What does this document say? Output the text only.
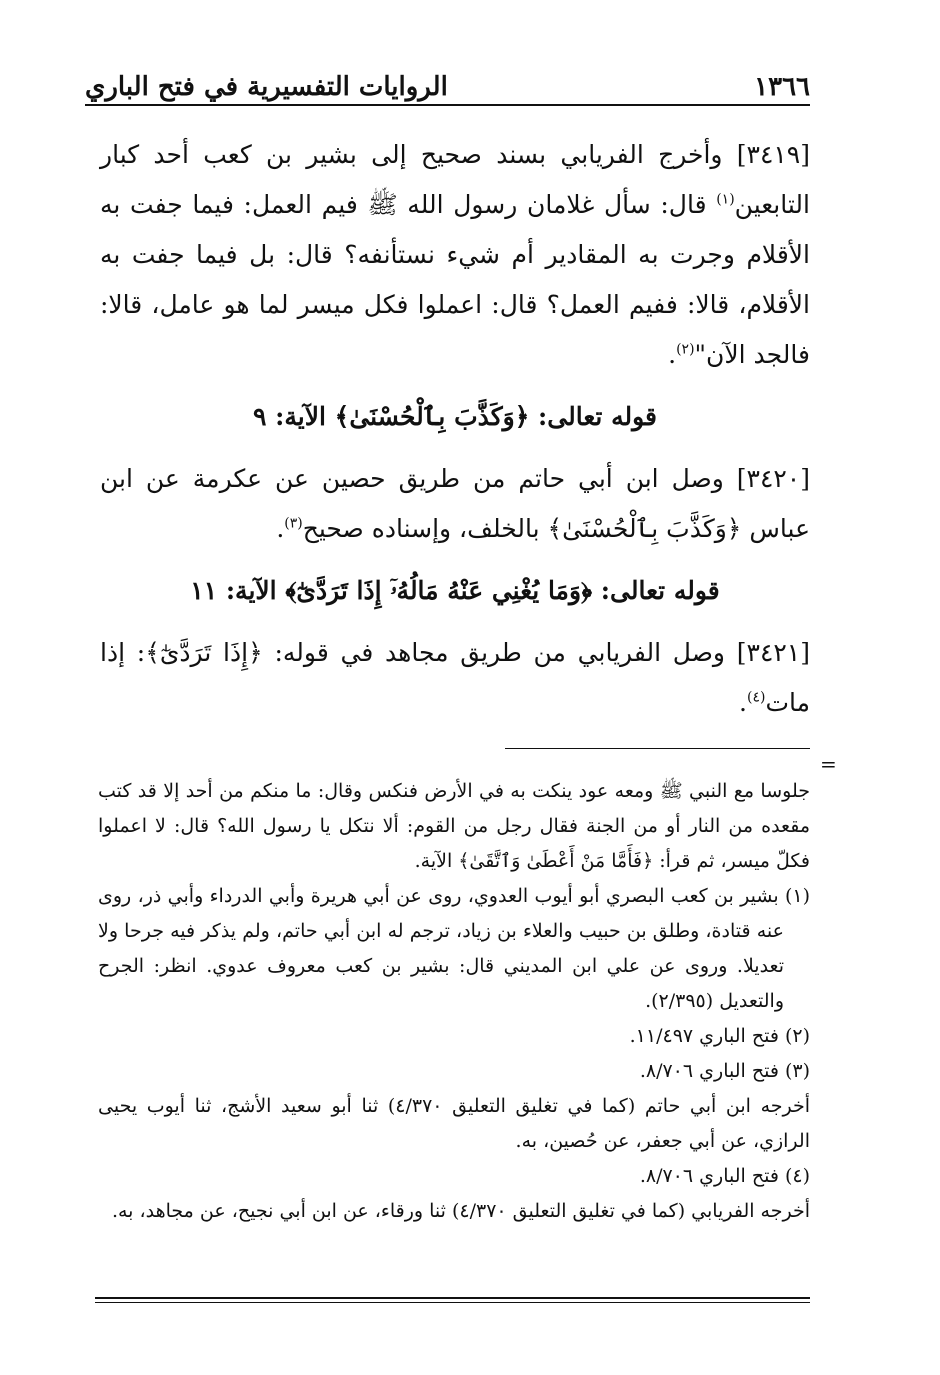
١٣٦٦
الروايات التفسيرية في فتح الباري

[٣٤١٩] وأخرج الفريابي بسند صحيح إلى بشير بن كعب أحد كبار التابعين$^{(١)}$ قال: سأل غلامان رسول الله ﷺ فيم العمل: فيما جفت به الأقلام وجرت به المقادير أم شيء نستأنفه؟ قال: بل فيما جفت به الأقلام، قالا: ففيم العمل؟ قال: اعملوا فكل ميسر لما هو عامل، قالا: فالجد الآن"$^{(٢)}$.

قوله تعالى: ﴿وَكَذَّبَ بِٱلْحُسْنَىٰ﴾ الآية: ٩

[٣٤٢٠] وصل ابن أبي حاتم من طريق حصين عن عكرمة عن ابن عباس ﴿وَكَذَّبَ بِٱلْحُسْنَىٰ﴾ بالخلف، وإسناده صحيح$^{(٣)}$.

قوله تعالى: ﴿وَمَا يُغْنِي عَنْهُ مَالُهُۥٓ إِذَا تَرَدَّىٰٓ﴾ الآية: ١١

[٣٤٢١] وصل الفريابي من طريق مجاهد في قوله: ﴿إِذَا تَرَدَّىٰٓ﴾: إذا مات$^{(٤)}$.

=

جلوسا مع النبي ﷺ ومعه عود ينكت به في الأرض فنكس وقال: ما منكم من أحد إلا قد كتب مقعده من النار أو من الجنة فقال رجل من القوم: ألا نتكل يا رسول الله؟ قال: لا اعملوا فكلّ ميسر، ثم قرأ: ﴿فَأَمَّا مَنْ أَعْطَىٰ وَٱتَّقَىٰ﴾ الآية.

(١) بشير بن كعب البصري أبو أيوب العدوي، روى عن أبي هريرة وأبي الدرداء وأبي ذر، روى عنه قتادة، وطلق بن حبيب والعلاء بن زياد، ترجم له ابن أبي حاتم، ولم يذكر فيه جرحا ولا تعديلا. وروى عن علي ابن المديني قال: بشير بن كعب معروف عدوي. انظر: الجرح والتعديل (٢/٣٩٥).

(٢) فتح الباري ١١/٤٩٧.

(٣) فتح الباري ٨/٧٠٦.

أخرجه ابن أبي حاتم (كما في تغليق التعليق ٤/٣٧٠) ثنا أبو سعيد الأشج، ثنا أيوب يحيى الرازي، عن أبي جعفر، عن حُصين، به.

(٤) فتح الباري ٨/٧٠٦.

أخرجه الفريابي (كما في تغليق التعليق ٤/٣٧٠) ثنا ورقاء، عن ابن أبي نجيح، عن مجاهد، به.
